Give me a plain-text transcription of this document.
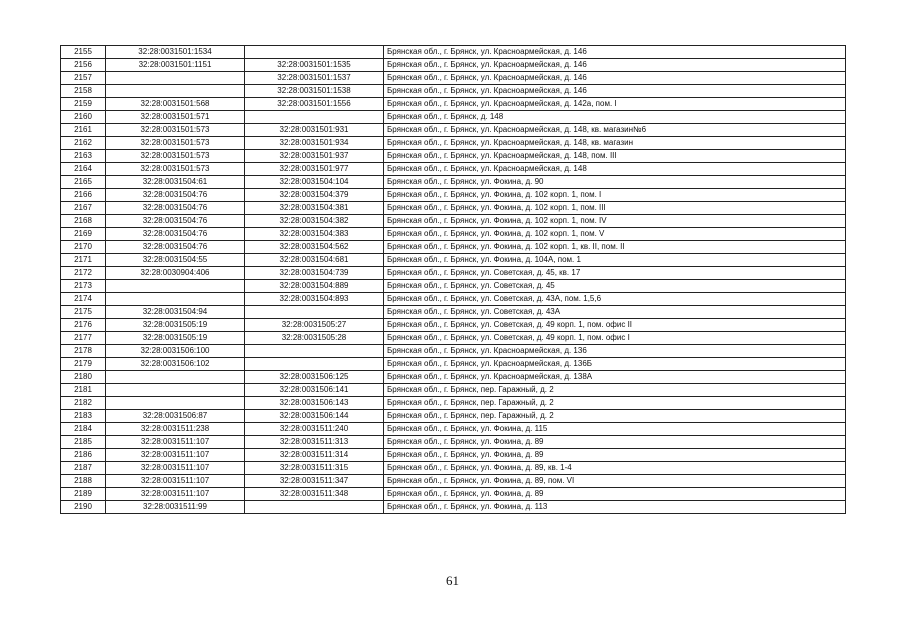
2155	32:28:0031501:1534		Брянская обл., г. Брянск, ул. Красноармейская, д. 146
2156	32:28:0031501:1151	32:28:0031501:1535	Брянская обл., г. Брянск, ул. Красноармейская, д. 146
2157		32:28:0031501:1537	Брянская обл., г. Брянск, ул. Красноармейская, д. 146
2158		32:28:0031501:1538	Брянская обл., г. Брянск, ул. Красноармейская, д. 146
2159	32:28:0031501:568	32:28:0031501:1556	Брянская обл., г. Брянск, ул. Красноармейская, д. 142а, пом. I
2160	32:28:0031501:571		Брянская обл., г. Брянск, д. 148
2161	32:28:0031501:573	32:28:0031501:931	Брянская обл., г. Брянск, ул. Красноармейская, д. 148, кв. магазин№6
2162	32:28:0031501:573	32:28:0031501:934	Брянская обл., г. Брянск, ул. Красноармейская, д. 148, кв. магазин
2163	32:28:0031501:573	32:28:0031501:937	Брянская обл., г. Брянск, ул. Красноармейская, д. 148, пом. III
2164	32:28:0031501:573	32:28:0031501:977	Брянская обл., г. Брянск, ул. Красноармейская, д. 148
2165	32:28:0031504:61	32:28:0031504:104	Брянская обл., г. Брянск, ул. Фокина, д. 90
2166	32:28:0031504:76	32:28:0031504:379	Брянская обл., г. Брянск, ул. Фокина, д. 102 корп. 1, пом. I
2167	32:28:0031504:76	32:28:0031504:381	Брянская обл., г. Брянск, ул. Фокина, д. 102 корп. 1, пом. III
2168	32:28:0031504:76	32:28:0031504:382	Брянская обл., г. Брянск, ул. Фокина, д. 102 корп. 1, пом. IV
2169	32:28:0031504:76	32:28:0031504:383	Брянская обл., г. Брянск, ул. Фокина, д. 102 корп. 1, пом. V
2170	32:28:0031504:76	32:28:0031504:562	Брянская обл., г. Брянск, ул. Фокина, д. 102 корп. 1, кв. II, пом. II
2171	32:28:0031504:55	32:28:0031504:681	Брянская обл., г. Брянск, ул. Фокина, д. 104А, пом. 1
2172	32:28:0030904:406	32:28:0031504:739	Брянская обл., г. Брянск, ул. Советская, д. 45, кв. 17
2173		32:28:0031504:889	Брянская обл., г. Брянск, ул. Советская, д. 45
2174		32:28:0031504:893	Брянская обл., г. Брянск, ул. Советская, д. 43А, пом. 1,5,6
2175	32:28:0031504:94		Брянская обл., г. Брянск, ул. Советская, д. 43А
2176	32:28:0031505:19	32:28:0031505:27	Брянская обл., г. Брянск, ул. Советская, д. 49 корп. 1, пом. офис II
2177	32:28:0031505:19	32:28:0031505:28	Брянская обл., г. Брянск, ул. Советская, д. 49 корп. 1, пом. офис I
2178	32:28:0031506:100		Брянская обл., г. Брянск, ул. Красноармейская, д. 136
2179	32:28:0031506:102		Брянская обл., г. Брянск, ул. Красноармейская, д. 136Б
2180		32:28:0031506:125	Брянская обл., г. Брянск, ул. Красноармейская, д. 138А
2181		32:28:0031506:141	Брянская обл., г. Брянск, пер. Гаражный, д. 2
2182		32:28:0031506:143	Брянская обл., г. Брянск, пер. Гаражный, д. 2
2183	32:28:0031506:87	32:28:0031506:144	Брянская обл., г. Брянск, пер. Гаражный, д. 2
2184	32:28:0031511:238	32:28:0031511:240	Брянская обл., г. Брянск, ул. Фокина, д. 115
2185	32:28:0031511:107	32:28:0031511:313	Брянская обл., г. Брянск, ул. Фокина, д. 89
2186	32:28:0031511:107	32:28:0031511:314	Брянская обл., г. Брянск, ул. Фокина, д. 89
2187	32:28:0031511:107	32:28:0031511:315	Брянская обл., г. Брянск, ул. Фокина, д. 89, кв. 1-4
2188	32:28:0031511:107	32:28:0031511:347	Брянская обл., г. Брянск, ул. Фокина, д. 89, пом. VI
2189	32:28:0031511:107	32:28:0031511:348	Брянская обл., г. Брянск, ул. Фокина, д. 89
2190	32:28:0031511:99		Брянская обл., г. Брянск, ул. Фокина, д. 113
61
